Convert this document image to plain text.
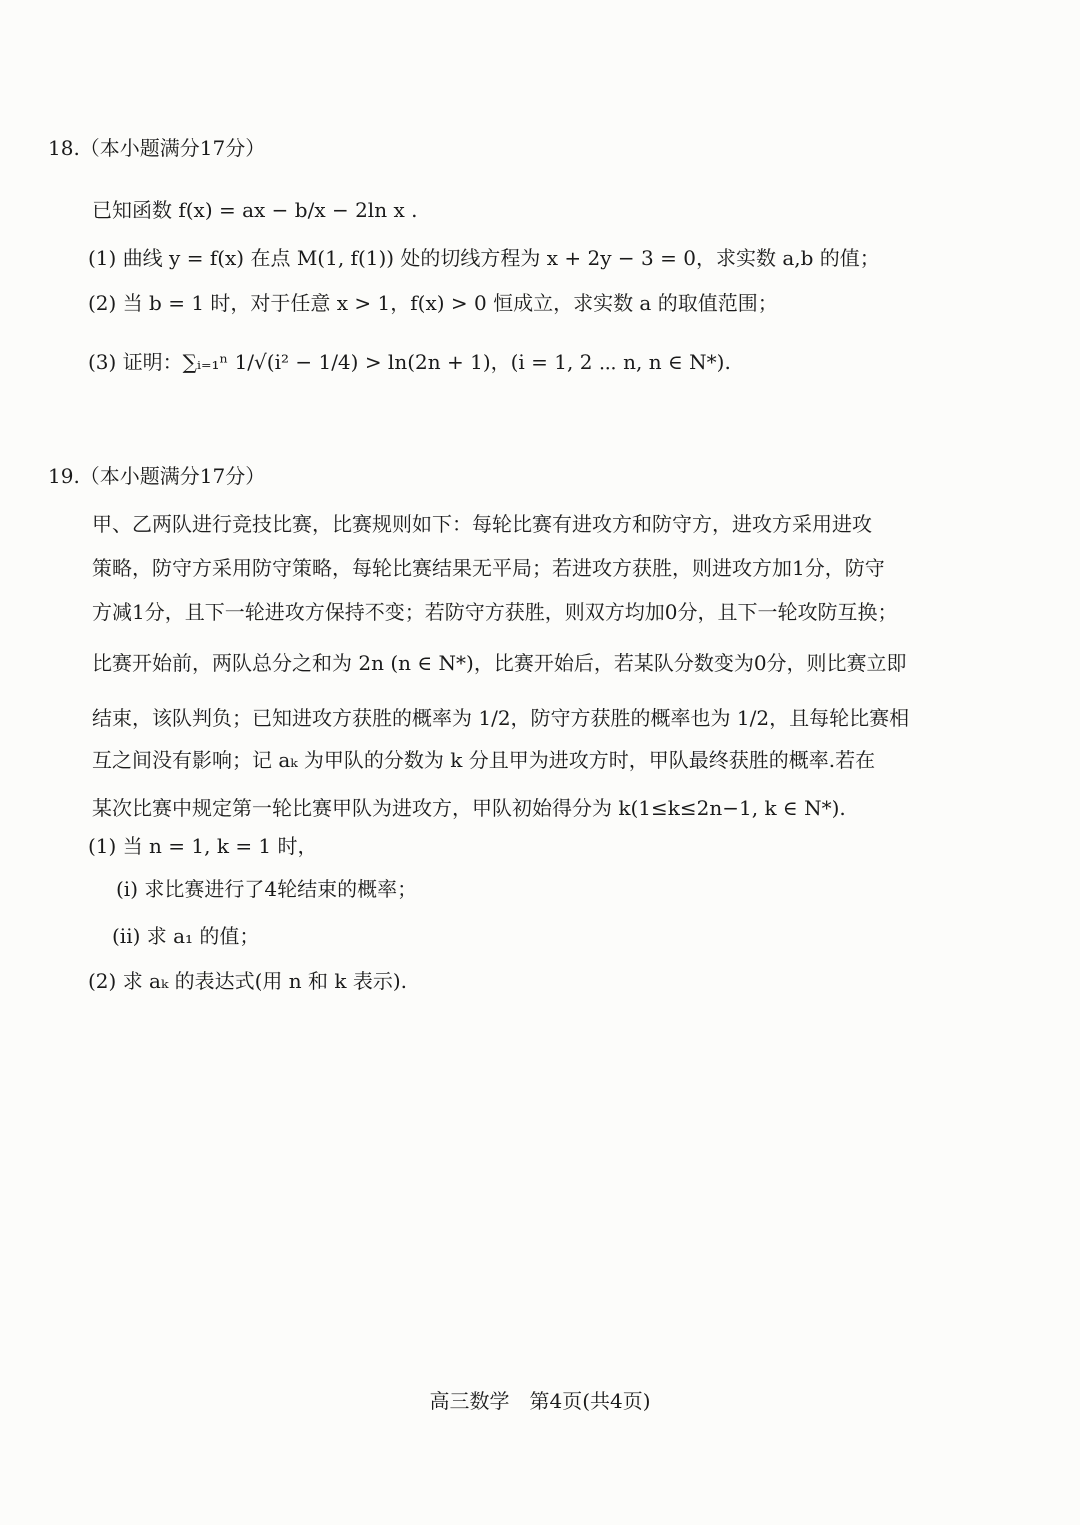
18.（本小题满分17分）
已知函数 f(x) = ax − b/x − 2ln x .
(1) 曲线 y = f(x) 在点 M(1, f(1)) 处的切线方程为 x + 2y − 3 = 0，求实数 a,b 的值；
(2) 当 b = 1 时，对于任意 x > 1，f(x) > 0 恒成立，求实数 a 的取值范围；
(3) 证明：∑ᵢ₌₁ⁿ 1/√(i² − 1/4) > ln(2n + 1)，(i = 1, 2 ⋯ n, n ∈ N*).
19.（本小题满分17分）
甲、乙两队进行竞技比赛，比赛规则如下：每轮比赛有进攻方和防守方，进攻方采用进攻
策略，防守方采用防守策略，每轮比赛结果无平局；若进攻方获胜，则进攻方加1分，防守
方减1分，且下一轮进攻方保持不变；若防守方获胜，则双方均加0分，且下一轮攻防互换；
比赛开始前，两队总分之和为 2n (n ∈ N*)，比赛开始后，若某队分数变为0分，则比赛立即
结束，该队判负；已知进攻方获胜的概率为 1/2，防守方获胜的概率也为 1/2，且每轮比赛相
互之间没有影响；记 aₖ 为甲队的分数为 k 分且甲为进攻方时，甲队最终获胜的概率.若在
某次比赛中规定第一轮比赛甲队为进攻方，甲队初始得分为 k(1≤k≤2n−1, k ∈ N*).
(1) 当 n = 1, k = 1 时，
(i) 求比赛进行了4轮结束的概率；
(ii) 求 a₁ 的值；
(2) 求 aₖ 的表达式(用 n 和 k 表示).
高三数学　第4页(共4页)
